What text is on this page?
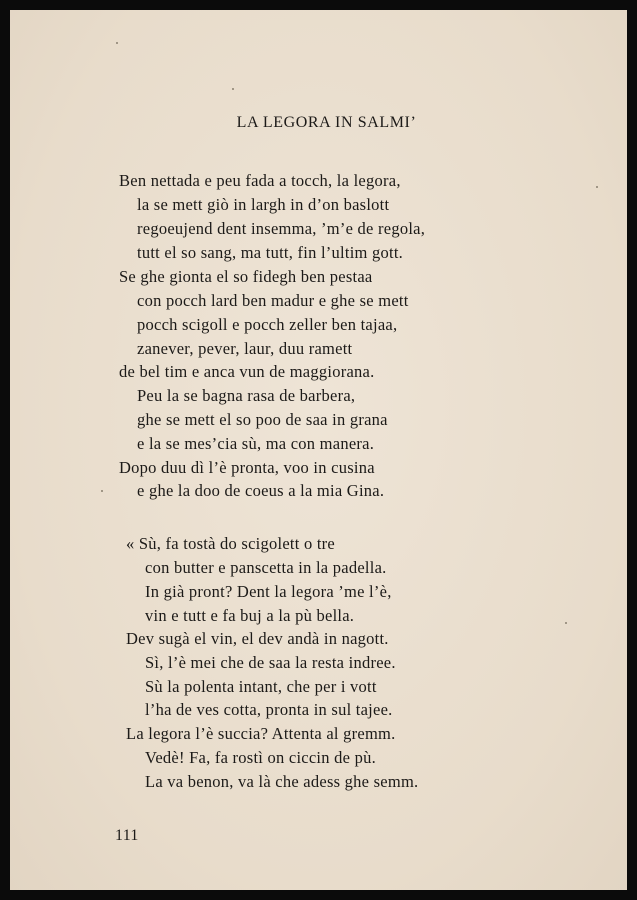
LA LEGORA IN SALMI’
Ben nettada e peu fada a tocch, la legora,
la se mett giò in largh in d’on baslott
regoeujend dent insemma, ’m’e de regola,
tutt el so sang, ma tutt, fin l’ultim gott.
Se ghe gionta el so fidegh ben pestaa
con pocch lard ben madur e ghe se mett
pocch scigoll e pocch zeller ben tajaa,
zanever, pever, laur, duu ramett
de bel tim e anca vun de maggiorana.
Peu la se bagna rasa de barbera,
ghe se mett el so poo de saa in grana
e la se mes’cia sù, ma con manera.
Dopo duu dì l’è pronta, voo in cusina
e ghe la doo de coeus a la mia Gina.
« Sù, fa tostà do scigolett o tre
con butter e panscetta in la padella.
In già pront? Dent la legora ’me l’è,
vin e tutt e fa buj a la pù bella.
Dev sugà el vin, el dev andà in nagott.
Sì, l’è mei che de saa la resta indree.
Sù la polenta intant, che per i vott
l’ha de ves cotta, pronta in sul tajee.
La legora l’è succia? Attenta al gremm.
Vedè! Fa, fa rostì on ciccin de pù.
La va benon, va là che adess ghe semm.
111
